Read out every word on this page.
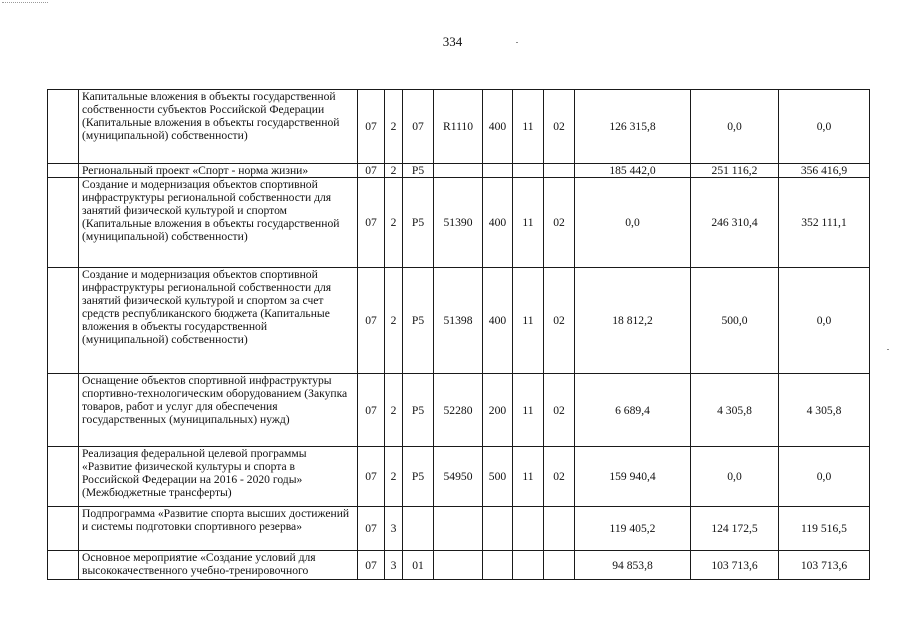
334
	Капитальные вложения в объекты государственной собственности субъектов Российской Федерации (Капитальные вложения в объекты государственной (муниципальной) собственности)	07	2	07	R1110	400	11	02	126 315,8	0,0	0,0
	Региональный проект «Спорт - норма жизни»	07	2	P5					185 442,0	251 116,2	356 416,9
	Создание и модернизация объектов спортивной инфраструктуры региональной собственности для занятий физической культурой и спортом (Капитальные вложения в объекты государственной (муниципальной) собственности)	07	2	P5	51390	400	11	02	0,0	246 310,4	352 111,1
	Создание и модернизация объектов спортивной инфраструктуры региональной собственности для занятий физической культурой и спортом за счет средств республиканского бюджета (Капитальные вложения в объекты государственной (муниципальной) собственности)	07	2	P5	51398	400	11	02	18 812,2	500,0	0,0
	Оснащение объектов спортивной инфраструктуры спортивно-технологическим оборудованием (Закупка товаров, работ и услуг для обеспечения государственных (муниципальных) нужд)	07	2	P5	52280	200	11	02	6 689,4	4 305,8	4 305,8
	Реализация федеральной целевой программы «Развитие физической культуры и спорта в Российской Федерации на 2016 - 2020 годы» (Межбюджетные трансферты)	07	2	P5	54950	500	11	02	159 940,4	0,0	0,0
	Подпрограмма «Развитие спорта высших достижений и системы подготовки спортивного резерва»	07	3						119 405,2	124 172,5	119 516,5
	Основное мероприятие «Создание условий для высококачественного учебно-тренировочного	07	3	01					94 853,8	103 713,6	103 713,6
